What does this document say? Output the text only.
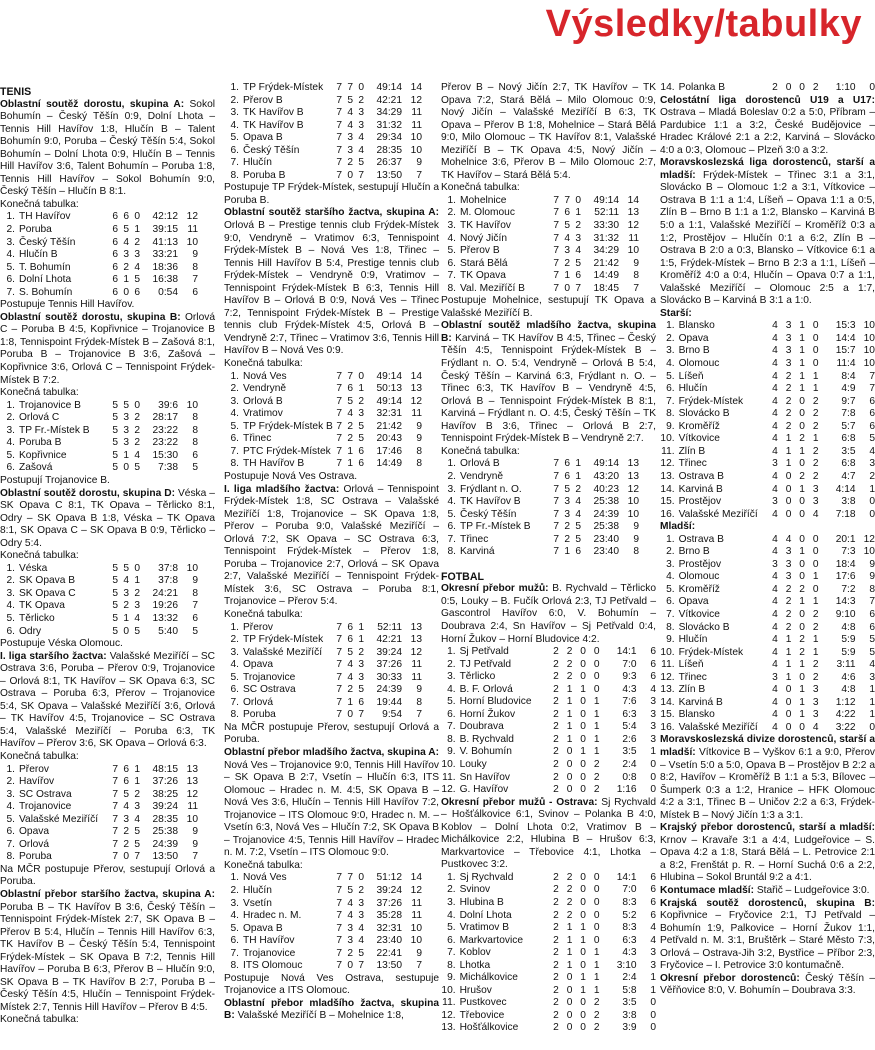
Výsledky/tabulky
TENIS
Oblastní soutěž dorostu, skupina A: Sokol Bohumín – Český Těšín 0:9, Dolní Lhota – Tennis Hill Havířov 1:8, Hlučín B – Talent Bohumín 9:0, Poruba – Český Těšín 5:4, Sokol Bohumín – Dolní Lhota 0:9, Hlučín B – Tennis Hill Havířov 3:6, Talent Bohumín – Poruba 1:8, Tennis Hill Havířov – Sokol Bohumín 9:0, Český Těšín – Hlučín B 8:1.
Konečná tabulka:
1. TH Havířov	6 6 0	42:12 12
2. Poruba	6 5 1	39:15 11
3. Český Těšín	6 4 2	41:13 10
4. Hlučín B	6 3 3	33:21	9
5. T. Bohumín	6 2 4	18:36	8
6. Dolní Lhota	6 1 5	16:38	7
7. S. Bohumín	6 0 6	0:54	6
Postupuje Tennis Hill Havířov.
Oblastní soutěž dorostu, skupina B: Orlová C – Poruba B 4:5, Kopřivnice – Trojanovice B 1:8, Tennispoint Frýdek-Místek B – Zašová 8:1, Poruba B – Trojanovice B 3:6, Zašová – Kopřivnice 3:6, Orlová C – Tennispoint Frýdek-Místek B 7:2.
Konečná tabulka:
1. Trojanovice B	5 5 0	39:6 10
2. Orlová C	5 3 2	28:17	8
3. TP Fr.-Místek B	5 3 2	23:22	8
4. Poruba B	5 3 2	23:22	8
5. Kopřivnice	5 1 4	15:30	6
6. Zašová	5 0 5	7:38	5
Postupují Trojanovice B.
Oblastní soutěž dorostu, skupina D: Véska – SK Opava C 8:1, TK Opava – Těrlicko 8:1, Odry – SK Opava B 1:8, Véska – TK Opava 8:1, SK Opava C – SK Opava B 0:9, Těrlicko – Odry 5:4.
Konečná tabulka:
1. Véska	5 5 0	37:8 10
2. SK Opava B	5 4 1	37:8	9
3. SK Opava C	5 3 2	24:21	8
4. TK Opava	5 2 3	19:26	7
5. Těrlicko	5 1 4	13:32	6
6. Odry	5 0 5	5:40	5
Postupuje Véska Olomouc.
I. liga staršího žactva: Valašské Meziříčí – SC Ostrava 3:6, Poruba – Přerov 0:9, Trojanovice – Orlová 8:1, TK Havířov – SK Opava 6:3, SC Ostrava – Poruba 6:3, Přerov – Trojanovice 5:4, SK Opava – Valašské Meziříčí 3:6, Orlová – TK Havířov 4:5, Trojanovice – SC Ostrava 5:4, Valašské Meziříčí – Poruba 6:3, TK Havířov – Přerov 3:6, SK Opava – Orlová 6:3.
Konečná tabulka:
1. Přerov	7 6 1	48:15 13
2. Havířov	7 6 1	37:26 13
3. SC Ostrava	7 5 2	38:25 12
4. Trojanovice	7 4 3	39:24 11
5. Valašské Meziříčí	7 3 4	28:35 10
6. Opava	7 2 5	25:38	9
7. Orlová	7 2 5	24:39	9
8. Poruba	7 0 7	13:50	7
Na MČR postupuje Přerov, sestupují Orlová a Poruba.
Oblastní přebor staršího žactva, skupina A: Poruba B – TK Havířov B 3:6, Český Těšín – Tennispoint Frýdek-Místek 2:7, SK Opava B – Přerov B 5:4, Hlučín – Tennis Hill Havířov 6:3, TK Havířov B – Český Těšín 5:4, Tennispoint Frýdek-Místek – SK Opava B 7:2, Tennis Hill Havířov – Poruba B 6:3, Přerov B – Hlučín 9:0, SK Opava B – TK Havířov B 2:7, Poruba B – Český Těšín 4:5, Hlučín – Tennispoint Frýdek-Místek 2:7, Tennis Hill Havířov – Přerov B 4:5.
Konečná tabulka:
1. TP Frýdek-Místek	7 7 0	49:14 14
2. Přerov B	7 5 2	42:21 12
3. TK Havířov B	7 4 3	34:29 11
4. TK Havířov B	7 4 3	31:32 11
5. Opava B	7 3 4	29:34 10
6. Český Těšín	7 3 4	28:35 10
7. Hlučín	7 2 5	26:37	9
8. Poruba B	7 0 7	13:50	7
Postupuje TP Frýdek-Místek, sestupují Hlučín a Poruba B.
Oblastní soutěž staršího žactva, skupina A: Orlová B – Prestige tennis club Frýdek-Místek 9:0, Vendryně – Vratimov 6:3, Tennispoint Frýdek-Místek B – Nová Ves 1:8, Třinec – Tennis Hill Havířov B 5:4, Prestige tennis club Frýdek-Místek – Vendryně 0:9, Vratimov – Tennispoint Frýdek-Místek B 6:3, Tennis Hill Havířov B – Orlová B 0:9, Nová Ves – Třinec 7:2, Tennispoint Frýdek-Místek B – Prestige tennis club Frýdek-Místek 4:5, Orlová B – Vendryně 2:7, Třinec – Vratimov 3:6, Tennis Hill Havířov B – Nová Ves 0:9.
Konečná tabulka:
1. Nová Ves	7 7 0	49:14 14
2. Vendryně	7 6 1	50:13 13
3. Orlová B	7 5 2	49:14 12
4. Vratimov	7 4 3	32:31 11
5. TP Frýdek-Místek B 7 2 5	21:42	9
6. Třinec	7 2 5	20:43	9
7. PTC Frýdek-Místek 7 1 6	17:46	8
8. TH Havířov B	7 1 6	14:49	8
Postupuje Nová Ves Ostrava.
I. liga mladšího žactva: Orlová – Tennispoint Frýdek-Místek 1:8, SC Ostrava – Valašské Meziříčí 1:8, Trojanovice – SK Opava 1:8, Přerov – Poruba 9:0, Valašské Meziříčí – Orlová 7:2, SK Opava – SC Ostrava 6:3, Tennispoint Frýdek-Místek – Přerov 1:8, Poruba – Trojanovice 2:7, Orlová – SK Opava 2:7, Valašské Meziříčí – Tennispoint Frýdek-Místek 3:6, SC Ostrava – Poruba 8:1, Trojanovice – Přerov 5:4.
Konečná tabulka:
1. Přerov	7 6 1	52:11 13
2. TP Frýdek-Místek	7 6 1	42:21 13
3. Valašské Meziříčí	7 5 2	39:24 12
4. Opava	7 4 3	37:26 11
5. Trojanovice	7 4 3	30:33 11
6. SC Ostrava	7 2 5	24:39	9
7. Orlová	7 1 6	19:44	8
8. Poruba	7 0 7	9:54	7
Na MČR postupuje Přerov, sestupují Orlová a Poruba.
Oblastní přebor mladšího žactva, skupina A: Nová Ves – Trojanovice 9:0, Tennis Hill Havířov – SK Opava B 2:7, Vsetín – Hlučín 6:3, ITS Olomouc – Hradec n. M. 4:5, SK Opava B – Nová Ves 3:6, Hlučín – Tennis Hill Havířov 7:2, Trojanovice – ITS Olomouc 9:0, Hradec n. M. – Vsetín 6:3, Nová Ves – Hlučín 7:2, SK Opava B – Trojanovice 4:5, Tennis Hill Havířov – Hradec n. M. 7:2, Vsetín – ITS Olomouc 9:0.
Konečná tabulka:
1. Nová Ves	7 7 0	51:12 14
2. Hlučín	7 5 2	39:24 12
3. Vsetín	7 4 3	37:26 11
4. Hradec n. M.	7 4 3	35:28 11
5. Opava B	7 3 4	32:31 10
6. TH Havířov	7 3 4	23:40 10
7. Trojanovice	7 2 5	22:41	9
8. ITS Olomouc	7 0 7	13:50	7
Postupuje Nová Ves Ostrava, sestupuje Trojanovice a ITS Olomouc.
Oblastní přebor mladšího žactva, skupina B: Valašské Meziříčí B – Mohelnice 1:8,
Přerov B – Nový Jičín 2:7, TK Havířov – TK Opava 7:2, Stará Bělá – Milo Olomouc 0:9, Nový Jičín – Valašské Meziříčí B 6:3, TK Opava – Přerov B 1:8, Mohelnice – Stará Bělá 9:0, Milo Olomouc – TK Havířov 8:1, Valašské Meziříčí B – TK Opava 4:5, Nový Jičín – Mohelnice 3:6, Přerov B – Milo Olomouc 2:7, TK Havířov – Stará Bělá 5:4.
Konečná tabulka:
1. Mohelnice	7 7 0	49:14 14
2. M. Olomouc	7 6 1	52:11 13
3. TK Havířov	7 5 2	33:30 12
4. Nový Jičín	7 4 3	31:32 11
5. Přerov B	7 3 4	34:29 10
6. Stará Bělá	7 2 5	21:42	9
7. TK Opava	7 1 6	14:49	8
8. Val. Meziříčí B	7 0 7	18:45	7
Postupuje Mohelnice, sestupují TK Opava a Valašské Meziříčí B.
Oblastní soutěž mladšího žactva, skupina B: Karviná – TK Havířov B 4:5, Třinec – Český Těšín 4:5, Tennispoint Frýdek-Místek B – Frýdlant n. O. 5:4, Vendryně – Orlová B 5:4, Český Těšín – Karviná 6:3, Frýdlant n. O. – Třinec 6:3, TK Havířov B – Vendryně 4:5, Orlová B – Tennispoint Frýdek-Místek B 8:1, Karviná – Frýdlant n. O. 4:5, Český Těšín – TK Havířov B 3:6, Třinec – Orlová B 2:7, Tennispoint Frýdek-Místek B – Vendryně 2:7.
Konečná tabulka:
1. Orlová B	7 6 1	49:14 13
2. Vendryně	7 6 1	43:20 13
3. Frýdlant n. O.	7 5 2	40:23 12
4. TK Havířov B	7 3 4	25:38 10
5. Český Těšín	7 3 4	24:39 10
6. TP Fr.-Místek B	7 2 5	25:38	9
7. Třinec	7 2 5	23:40	9
8. Karviná	7 1 6	23:40	8
FOTBAL
Okresní přebor mužů: B. Rychvald – Těrlicko 0:5, Louky – B. Fučík Orlová 2:3, TJ Petřvald – Gascontrol Havířov 6:0, V. Bohumín – Doubrava 2:4, Sn Havířov – Sj Petřvald 0:4, Horní Žukov – Horní Bludovice 4:2.
1. Sj Petřvald	2 2 0 0	14:1	6
2. TJ Petřvald	2 2 0 0	7:0	6
3. Těrlicko	2 2 0 0	9:3	6
4. B. F. Orlová	2 1 1 0	4:3	4
5. Horní Bludovice	2 1 0 1	7:6	3
6. Horní Žukov	2 1 0 1	6:3	3
7. Doubrava	2 1 0 1	5:4	3
8. B. Rychvald	2 1 0 1	2:6	3
9. V. Bohumín	2 0 1 1	3:5	1
10. Louky	2 0 0 2	2:4	0
11. Sn Havířov	2 0 0 2	0:8	0
12. G. Havířov	2 0 0 2	1:16	0
Okresní přebor mužů - Ostrava: Sj Rychvald – Hošťálkovice 6:1, Svinov – Polanka B 4:0, Koblov – Dolní Lhota 0:2, Vratimov B – Michálkovice 2:2, Hlubina B – Hrušov 6:3, Markvartovice – Třebovice 4:1, Lhotka – Pustkovec 3:2.
1. Sj Rychvald	2 2 0 0	14:1	6
2. Svinov	2 2 0 0	7:0	6
3. Hlubina B	2 2 0 0	8:3	6
4. Dolní Lhota	2 2 0 0	5:2	6
5. Vratimov B	2 1 1 0	8:3	4
6. Markvartovice	2 1 1 0	6:3	4
7. Koblov	2 1 0 1	4:3	3
8. Lhotka	2 1 0 1	3:10	3
9. Michálkovice	2 0 1 1	2:4	1
10. Hrušov	2 0 1 1	5:8	1
11. Pustkovec	2 0 0 2	3:5	0
12. Třebovice	2 0 0 2	3:8	0
13. Hošťálkovice	2 0 0 2	3:9	0
14. Polanka B	2 0 0 2	1:10	0
Celostátní liga dorostenců U19 a U17: Ostrava – Mladá Boleslav 0:2 a 5:0, Příbram – Pardubice 1:1 a 3:2, České Budějovice – Hradec Králové 2:1 a 2:2, Karviná – Slovácko 4:0 a 0:3, Olomouc – Plzeň 3:0 a 3:2.
Moravskoslezská liga dorostenců, starší a mladší: Frýdek-Místek – Třinec 3:1 a 3:1, Slovácko B – Olomouc 1:2 a 3:1, Vítkovice – Ostrava B 1:1 a 1:4, Líšeň – Opava 1:1 a 0:5, Zlín B – Brno B 1:1 a 1:2, Blansko – Karviná B 5:0 a 1:1, Valašské Meziříčí – Kroměříž 0:3 a 1:2, Prostějov – Hlučín 0:1 a 6:2, Zlín B – Ostrava B 2:0 a 0:3, Blansko – Vítkovice 6:1 a 1:5, Frýdek-Místek – Brno B 2:3 a 1:1, Líšeň – Kroměříž 4:0 a 0:4, Hlučín – Opava 0:7 a 1:1, Valašské Meziříčí – Olomouc 2:5 a 1:7, Slovácko B – Karviná B 3:1 a 1:0.
Starší:
1. Blansko	4 3 1 0	15:3 10
2. Opava	4 3 1 0	14:4 10
3. Brno B	4 3 1 0	15:7 10
4. Olomouc	4 3 1 0	11:4 10
5. Líšeň	4 2 1 1	8:4	7
6. Hlučín	4 2 1 1	4:9	7
7. Frýdek-Místek	4 2 0 2	9:7	6
8. Slovácko B	4 2 0 2	7:8	6
9. Kroměříž	4 2 0 2	5:7	6
10. Vítkovice	4 1 2 1	6:8	5
11. Zlín B	4 1 1 2	3:5	4
12. Třinec	3 1 0 2	6:8	3
13. Ostrava B	4 0 2 2	4:7	2
14. Karviná B	4 0 1 3	4:14	1
15. Prostějov	3 0 0 3	3:8	0
16. Valašské Meziříčí	4 0 0 4	7:18	0
Mladší:
1. Ostrava B	4 4 0 0	20:1 12
2. Brno B	4 3 1 0	7:3 10
3. Prostějov	3 3 0 0	18:4	9
4. Olomouc	4 3 0 1	17:6	9
5. Kroměříž	4 2 2 0	7:2	8
6. Opava	4 2 1 1	14:3	7
7. Vítkovice	4 2 0 2	9:10	6
8. Slovácko B	4 2 0 2	4:8	6
9. Hlučín	4 1 2 1	5:9	5
10. Frýdek-Místek	4 1 2 1	5:9	5
11. Líšeň	4 1 1 2	3:11	4
12. Třinec	3 1 0 2	4:6	3
13. Zlín B	4 0 1 3	4:8	1
14. Karviná B	4 0 1 3	1:12	1
15. Blansko	4 0 1 3	4:22	1
16. Valašské Meziříčí	4 0 0 4	3:22	0
Moravskoslezská divize dorostenců, starší a mladší: Vítkovice B – Vyškov 6:1 a 9:0, Přerov – Vsetín 5:0 a 5:0, Opava B – Prostějov B 2:2 a 8:2, Havířov – Kroměříž B 1:1 a 5:3, Bílovec – Šumperk 0:3 a 1:2, Hranice – HFK Olomouc 4:2 a 3:1, Třinec B – Uničov 2:2 a 6:3, Frýdek-Místek B – Nový Jičín 1:3 a 3:1.
Krajský přebor dorostenců, starší a mladší: Krnov – Kravaře 3:1 a 4:4, Ludgeřovice – S. Opava 4:2 a 1:8, Stará Bělá – L. Petrovice 2:1 a 8:2, Frenštát p. R. – Horní Suchá 0:6 a 2:2, Hlubina – Sokol Bruntál 9:2 a 4:1.
Kontumace mladší: Stařič – Ludgeřovice 3:0.
Krajská soutěž dorostenců, skupina B: Kopřivnice – Fryčovice 2:1, TJ Petřvald – Bohumín 1:9, Palkovice – Horní Žukov 1:1, Petřvald n. M. 3:1, Bruštěrk – Staré Město 7:3, Orlová – Ostrava-Jih 3:2, Bystřice – Příbor 2:3, Fryčovice – I. Petrovice 3:0 kontumačně.
Okresní přebor dorostenců: Český Těšín – Věřňovice 8:0, V. Bohumín – Doubrava 3:3.
